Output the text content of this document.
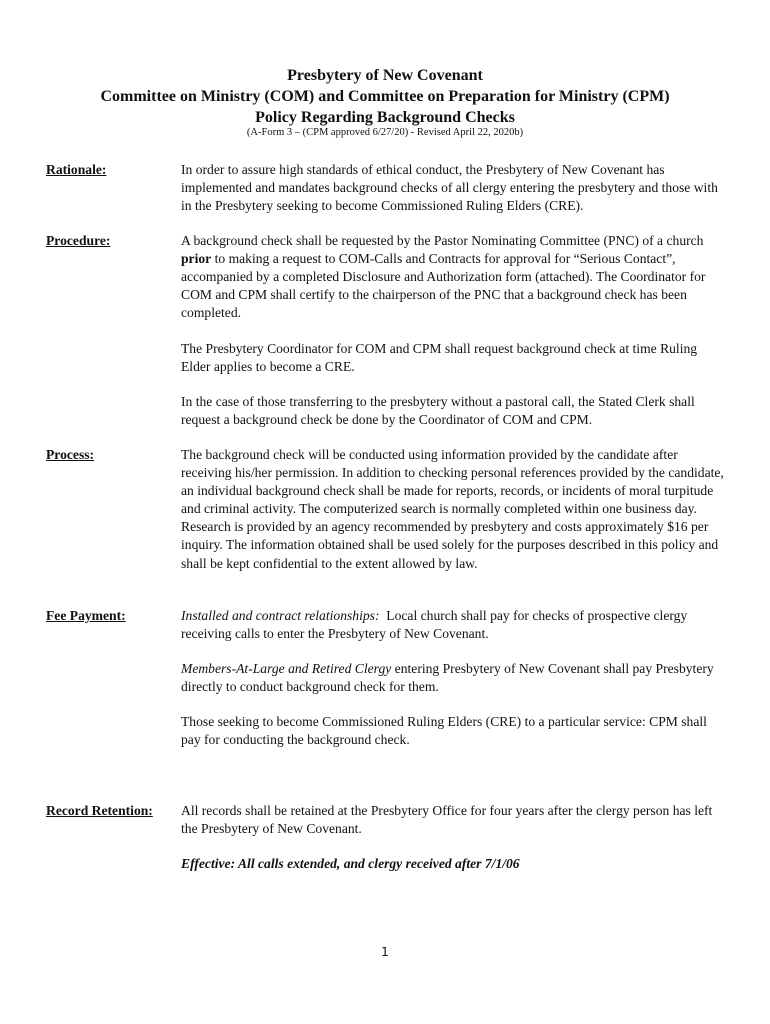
Presbytery of New Covenant
Committee on Ministry (COM) and Committee on Preparation for Ministry (CPM)
Policy Regarding Background Checks
(A-Form 3 – (CPM approved 6/27/20) - Revised April 22, 2020b)
Rationale:	In order to assure high standards of ethical conduct, the Presbytery of New Covenant has implemented and mandates background checks of all clergy entering the presbytery and those with in the Presbytery seeking to become Commissioned Ruling Elders (CRE).
Procedure:	A background check shall be requested by the Pastor Nominating Committee (PNC) of a church prior to making a request to COM-Calls and Contracts for approval for “Serious Contact”, accompanied by a completed Disclosure and Authorization form (attached). The Coordinator for COM and CPM shall certify to the chairperson of the PNC that a background check has been completed.
The Presbytery Coordinator for COM and CPM shall request background check at time Ruling Elder applies to become a CRE.
In the case of those transferring to the presbytery without a pastoral call, the Stated Clerk shall request a background check be done by the Coordinator of COM and CPM.
Process:	The background check will be conducted using information provided by the candidate after receiving his/her permission. In addition to checking personal references provided by the candidate, an individual background check shall be made for reports, records, or incidents of moral turpitude and criminal activity. The computerized search is normally completed within one business day. Research is provided by an agency recommended by presbytery and costs approximately $16 per inquiry. The information obtained shall be used solely for the purposes described in this policy and shall be kept confidential to the extent allowed by law.
Fee Payment:	Installed and contract relationships:  Local church shall pay for checks of prospective clergy receiving calls to enter the Presbytery of New Covenant.
Members-At-Large and Retired Clergy entering Presbytery of New Covenant shall pay Presbytery directly to conduct background check for them.
Those seeking to become Commissioned Ruling Elders (CRE) to a particular service: CPM shall pay for conducting the background check.
Record Retention: All records shall be retained at the Presbytery Office for four years after the clergy person has left the Presbytery of New Covenant.
Effective: All calls extended, and clergy received after 7/1/06
1
